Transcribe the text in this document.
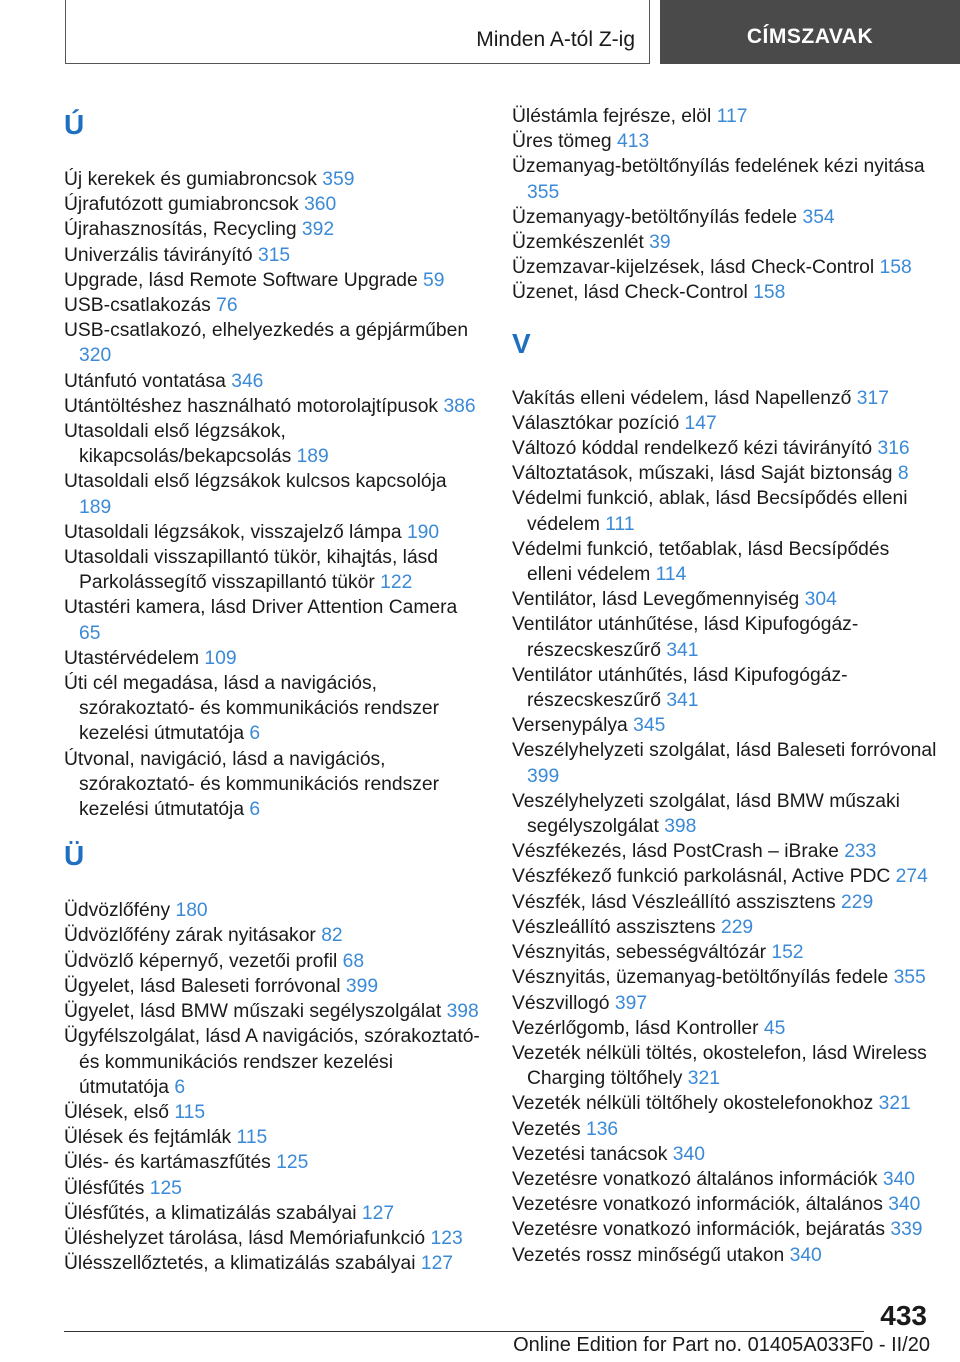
Minden A-tól Z-ig	CÍMSZAVAK
Ú
Új kerekek és gumiabroncsok 359
Újrafutózott gumiabroncsok 360
Újrahasznosítás, Recycling 392
Univerzális távirányító 315
Upgrade, lásd Remote Software Upgrade 59
USB-csatlakozás 76
USB-csatlakozó, elhelyezkedés a gépjárműben 320
Utánfutó vontatása 346
Utántöltéshez használható motorolajtípusok 386
Utasoldali első légzsákok, kikapcsolás/bekapcsolás 189
Utasoldali első légzsákok kulcsos kapcsolója 189
Utasoldali légzsákok, visszajelző lámpa 190
Utasoldali visszapillantó tükör, kihajtás, lásd Parkolássegítő visszapillantó tükör 122
Utastéri kamera, lásd Driver Attention Camera 65
Utastérvédelem 109
Úti cél megadása, lásd a navigációs, szórakoztató- és kommunikációs rendszer kezelési útmutatója 6
Útvonal, navigáció, lásd a navigációs, szórakoztató- és kommunikációs rendszer kezelési útmutatója 6
Ü
Üdvözlőfény 180
Üdvözlőfény zárak nyitásakor 82
Üdvözlő képernyő, vezetői profil 68
Ügyelet, lásd Baleseti forróvonal 399
Ügyelet, lásd BMW műszaki segélyszolgálat 398
Ügyfélszolgálat, lásd A navigációs, szórakoztató- és kommunikációs rendszer kezelési útmutatója 6
Ülések, első 115
Ülések és fejtámlák 115
Ülés- és kartámaszfűtés 125
Ülésfűtés 125
Ülésfűtés, a klimatizálás szabályai 127
Üléshelyzet tárolása, lásd Memóriafunkció 123
Ülésszellőztetés, a klimatizálás szabályai 127
Üléstámla fejrésze, elöl 117
Üres tömeg 413
Üzemanyag-betöltőnyílás fedelének kézi nyitása 355
Üzemanyagy-betöltőnyílás fedele 354
Üzemkészenlét 39
Üzemzavar-kijelzések, lásd Check-Control 158
Üzenet, lásd Check-Control 158
V
Vakítás elleni védelem, lásd Napellenző 317
Választókar pozíció 147
Változó kóddal rendelkező kézi távirányító 316
Változtatások, műszaki, lásd Saját biztonság 8
Védelmi funkció, ablak, lásd Becsípődés elleni védelem 111
Védelmi funkció, tetőablak, lásd Becsípődés elleni védelem 114
Ventilátor, lásd Levegőmennyiség 304
Ventilátor utánhűtése, lásd Kipufogógáz-részecskeszűrő 341
Ventilátor utánhűtés, lásd Kipufogógáz-részecskeszűrő 341
Versenypálya 345
Veszélyhelyzeti szolgálat, lásd Baleseti forróvonal 399
Veszélyhelyzeti szolgálat, lásd BMW műszaki segélyszolgálat 398
Vészfékezés, lásd PostCrash – iBrake 233
Vészfékező funkció parkolásnál, Active PDC 274
Vészfék, lásd Vészleállító asszisztens 229
Vészleállító asszisztens 229
Vésznyitás, sebességváltózár 152
Vésznyitás, üzemanyag-betöltőnyílás fedele 355
Vészvillogó 397
Vezérlőgomb, lásd Kontroller 45
Vezeték nélküli töltés, okostelefon, lásd Wireless Charging töltőhely 321
Vezeték nélküli töltőhely okostelefonokhoz 321
Vezetés 136
Vezetési tanácsok 340
Vezetésre vonatkozó általános információk 340
Vezetésre vonatkozó információk, általános 340
Vezetésre vonatkozó információk, bejáratás 339
Vezetés rossz minőségű utakon 340
433
Online Edition for Part no. 01405A033F0 - II/20
